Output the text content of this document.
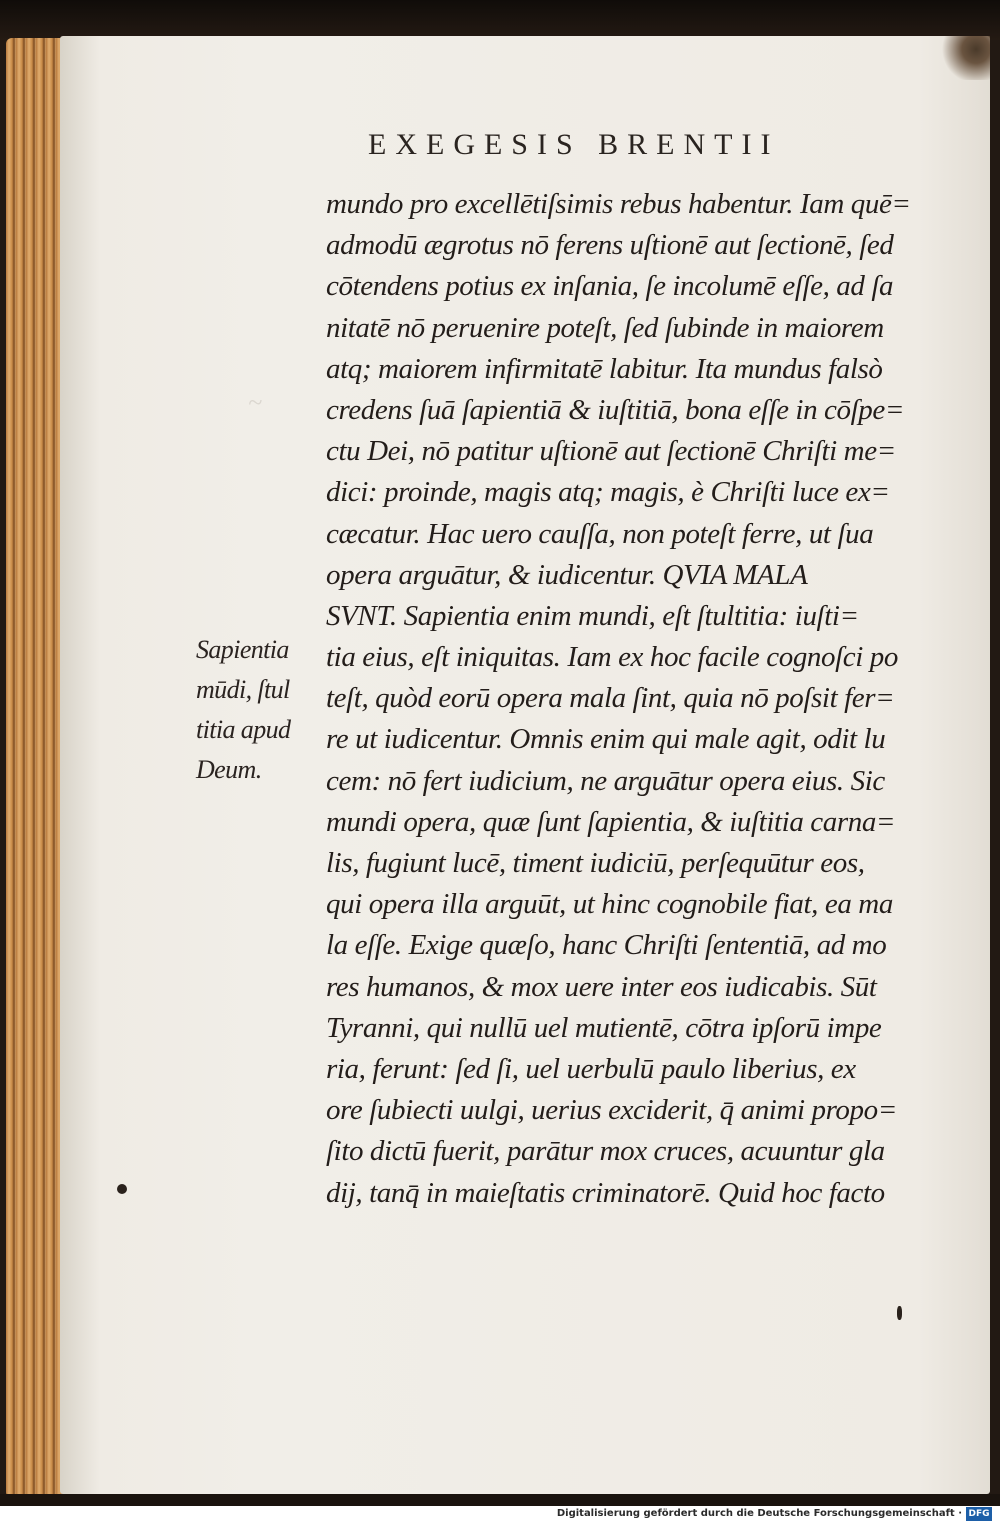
~
EXEGESIS BRENTII
mundo pro excellētiſsimis rebus habentur. Iam quē=
admodū ægrotus nō ferens uſtionē aut ſectionē, ſed
cōtendens potius ex inſania, ſe incolumē eſſe, ad ſa
nitatē nō peruenire poteſt, ſed ſubinde in maiorem
atq; maiorem infirmitatē labitur. Ita mundus falsò
credens ſuā ſapientiā & iuſtitiā, bona eſſe in cōſpe=
ctu Dei, nō patitur uſtionē aut ſectionē Chriſti me=
dici: proinde, magis atq; magis, è Chriſti luce ex=
cæcatur. Hac uero cauſſa, non poteſt ferre, ut ſua
opera arguātur, & iudicentur. QVIA MALA
SVNT. Sapientia enim mundi, eſt ſtultitia: iuſti=
tia eius, eſt iniquitas. Iam ex hoc facile cognoſci po
teſt, quòd eorū opera mala ſint, quia nō poſsit fer=
re ut iudicentur. Omnis enim qui male agit, odit lu
cem: nō fert iudicium, ne arguātur opera eius. Sic
mundi opera, quæ ſunt ſapientia, & iuſtitia carna=
lis, fugiunt lucē, timent iudiciū, perſequūtur eos,
qui opera illa arguūt, ut hinc cognobile fiat, ea ma
la eſſe. Exige quæſo, hanc Chriſti ſententiā, ad mo
res humanos, & mox uere inter eos iudicabis. Sūt
Tyranni, qui nullū uel mutientē, cōtra ipſorū impe
ria, ferunt: ſed ſi, uel uerbulū paulo liberius, ex
ore ſubiecti uulgi, uerius exciderit, q̄ animi propo=
ſito dictū fuerit, parātur mox cruces, acuuntur gla
dij, tanq̄ in maieſtatis criminatorē. Quid hoc facto
Sapientia
mūdi, ſtul
titia apud
Deum.
Digitalisierung gefördert durch die Deutsche Forschungsgemeinschaft · DFG
